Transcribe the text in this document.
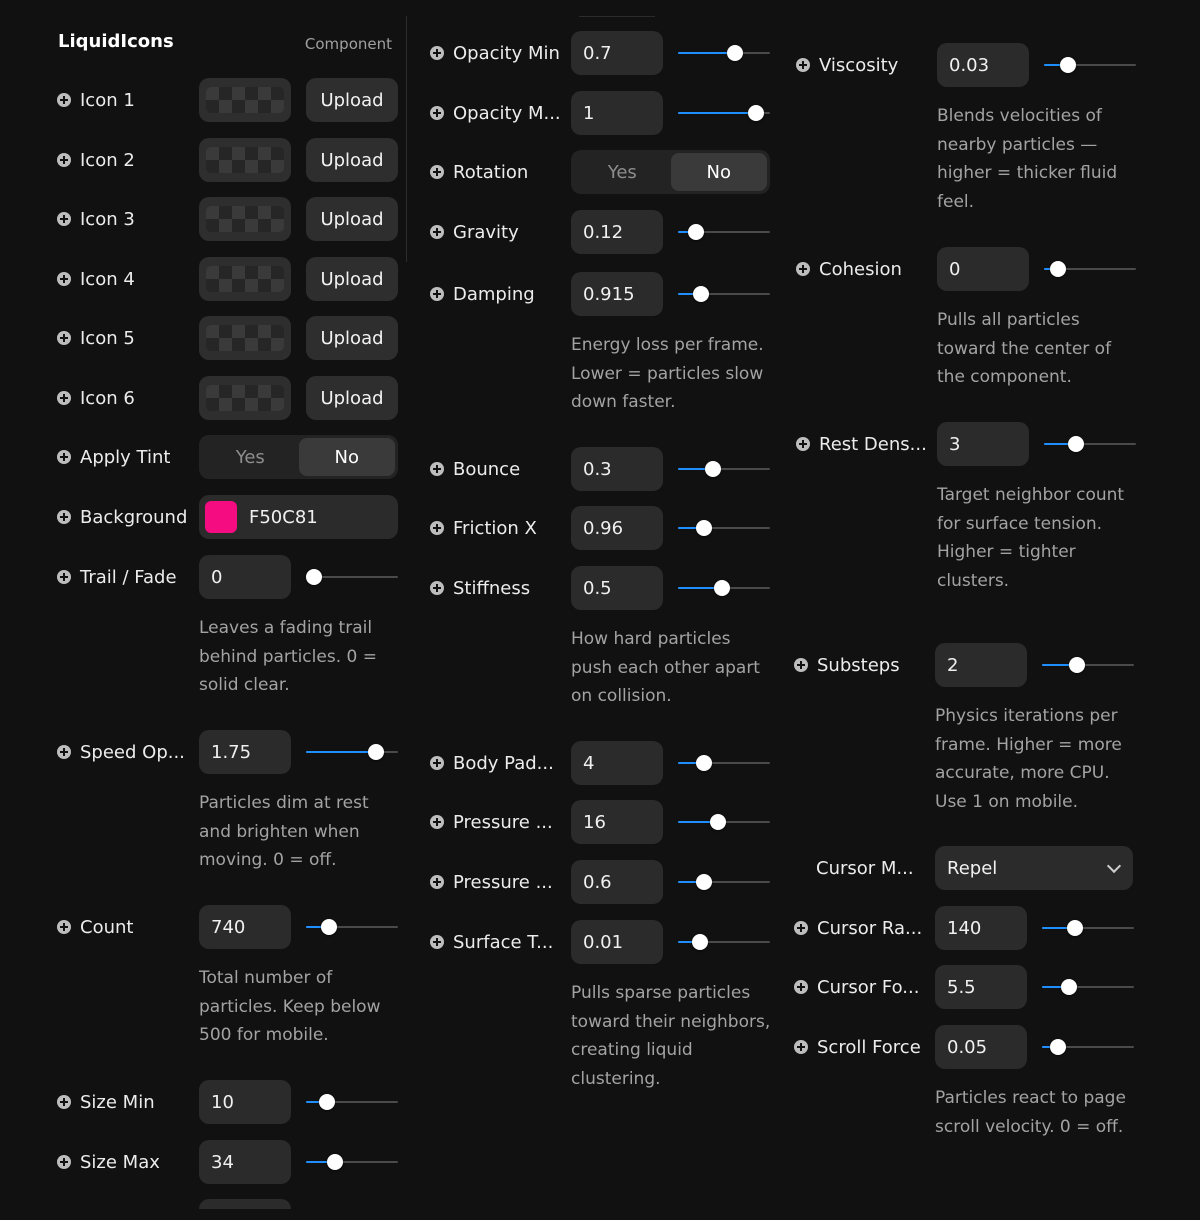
LiquidIcons	Component
Icon 1	Upload
Icon 2	Upload
Icon 3	Upload
Icon 4	Upload
Icon 5	Upload
Icon 6	Upload
Apply Tint	Yes	No
Background	F50C81
Trail / Fade	0
Leaves a fading trail behind particles. 0 = solid clear.
Speed Op...	1.75
Particles dim at rest and brighten when moving. 0 = off.
Count	740
Total number of particles. Keep below 500 for mobile.
Size Min	10
Size Max	34
Opacity Min	0.7
Opacity M...	1
Rotation	Yes	No
Gravity	0.12
Damping	0.915
Energy loss per frame. Lower = particles slow down faster.
Bounce	0.3
Friction X	0.96
Stiffness	0.5
How hard particles push each other apart on collision.
Body Pad...	4
Pressure ...	16
Pressure ...	0.6
Surface T...	0.01
Pulls sparse particles toward their neighbors, creating liquid clustering.
Viscosity	0.03
Blends velocities of nearby particles — higher = thicker fluid feel.
Cohesion	0
Pulls all particles toward the center of the component.
Rest Dens...	3
Target neighbor count for surface tension. Higher = tighter clusters.
Substeps	2
Physics iterations per frame. Higher = more accurate, more CPU. Use 1 on mobile.
Cursor M... Repel
Cursor Ra...	140
Cursor Fo...	5.5
Scroll Force	0.05
Particles react to page scroll velocity. 0 = off.
